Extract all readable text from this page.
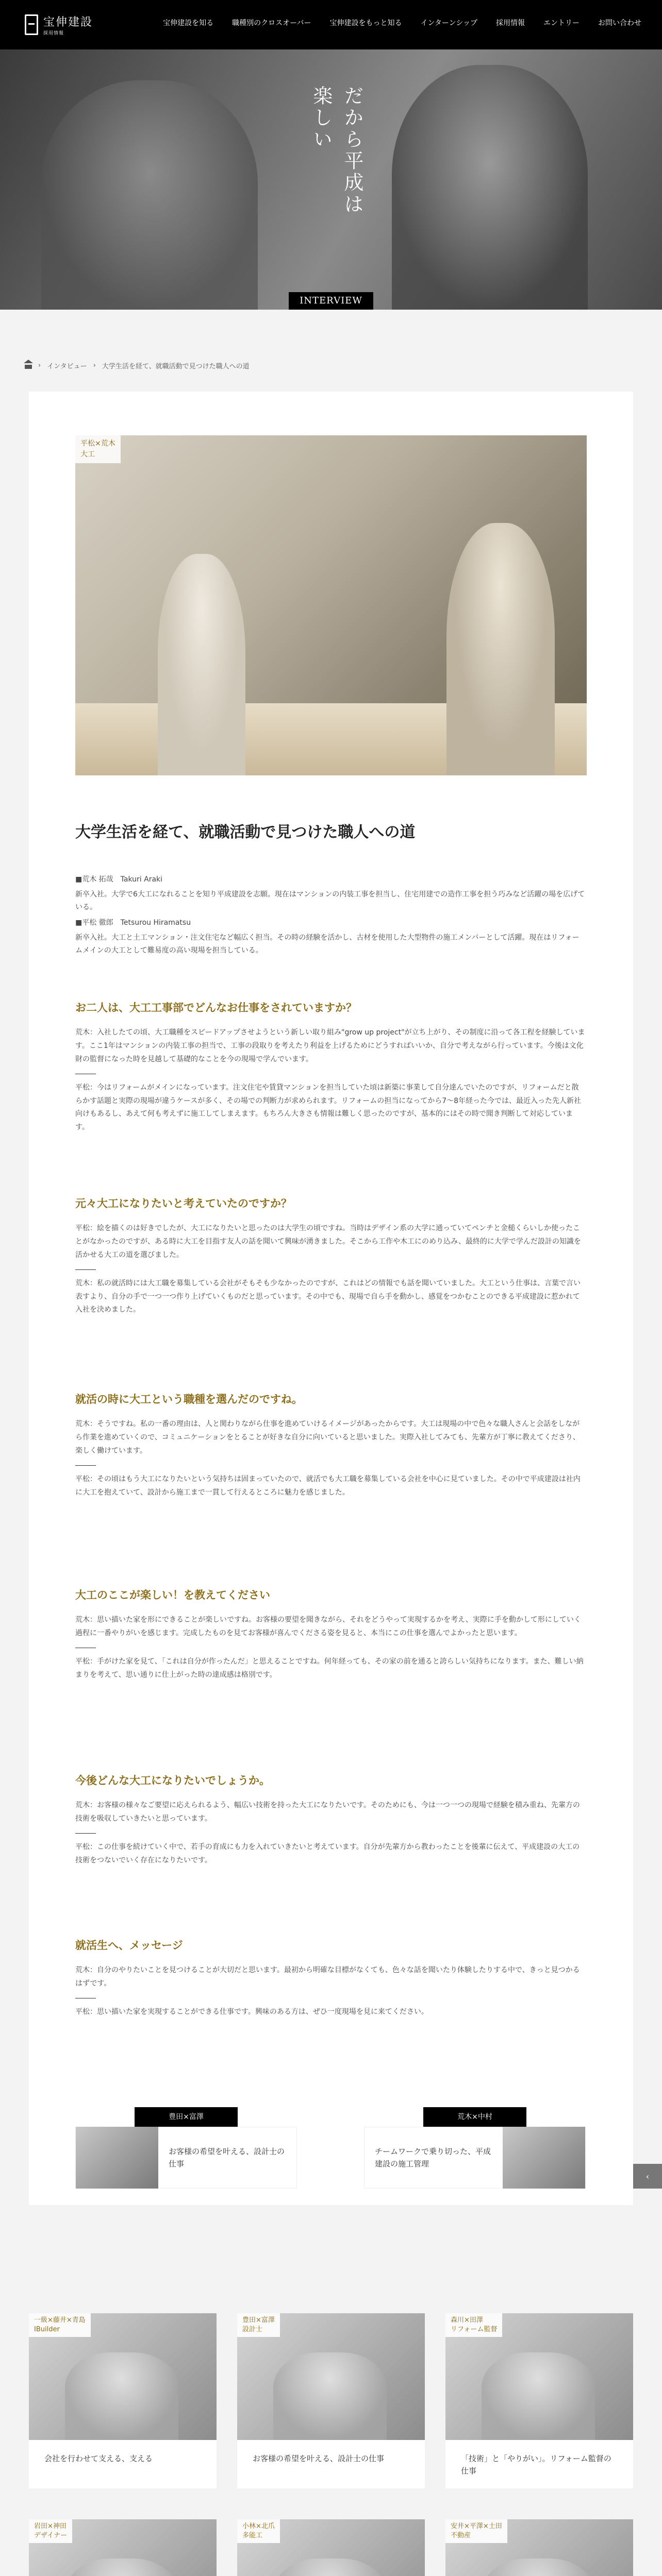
宝伸建設
採用情報
宝伸建設を知る	職種別のクロスオーバー	宝伸建設をもっと知る	インターンシップ	採用情報	エントリー	お問い合わせ
だから平成は
楽しい
INTERVIEW
› インタビュー › 大学生活を経て、就職活動で見つけた職人への道
平松×荒木
大工
大学生活を経て、就職活動で見つけた職人への道

■荒木 拓哉　Takuri Araki

新卒入社。大学で6大工になれることを知り平成建設を志願。現在はマンションの内装工事を担当し、住宅用建での造作工事を担う巧みなど活躍の場を広げている。

■平松 徹郎　Tetsurou Hiramatsu

新卒入社。大工と土工マンション・注文住宅など幅広く担当。その時の経験を活かし、古材を使用した大型物件の施工メンバーとして活躍。現在はリフォームメインの大工として難易度の高い現場を担当している。

お二人は、大工工事部でどんなお仕事をされていますか？

荒木：入社したての頃、大工職種をスピードアップさせようという新しい取り組み"grow up project"が立ち上がり、その制度に沿って各工程を経験しています。ここ1年はマンションの内装工事の担当で、工事の段取りを考えたり利益を上げるためにどうすればいいか、自分で考えながら行っています。今後は文化財の監督になった時を見越して基礎的なことを今の現場で学んでいます。

平松：今はリフォームがメインになっています。注文住宅や賃貸マンションを担当していた頃は新築に事業して自分達んでいたのですが、リフォームだと散らかす話題と実際の現場が違うケースが多く、その場での判断力が求められます。リフォームの担当になってから7〜8年経った今では、最近入った先人新社向けもあるし、あえて何も考えずに施工してしまえます。もちろん大きさも情報は難しく思ったのですが、基本的にはその時で聞き判断して対応しています。

元々大工になりたいと考えていたのですか？

平松：絵を描くのは好きでしたが、大工になりたいと思ったのは大学生の頃ですね。当時はデザイン系の大学に通っていてペンチと金槌くらいしか使ったことがなかったのですが、ある時に大工を目指す友人の話を聞いて興味が湧きました。そこから工作や木工にのめり込み、最終的に大学で学んだ設計の知識を活かせる大工の道を選びました。

荒木：私の就活時には大工職を募集している会社がそもそも少なかったのですが、これはどの情報でも話を聞いていました。大工という仕事は、言葉で言い表すより、自分の手で一つ一つ作り上げていくものだと思っています。その中でも、現場で自ら手を動かし、感覚をつかむことのできる平成建設に惹かれて入社を決めました。

就活の時に大工という職種を選んだのですね。

荒木：そうですね。私の一番の理由は、人と関わりながら仕事を進めていけるイメージがあったからです。大工は現場の中で色々な職人さんと会話をしながら作業を進めていくので、コミュニケーションをとることが好きな自分に向いていると思いました。実際入社してみても、先輩方が丁寧に教えてくださり、楽しく働けています。

平松：その頃はもう大工になりたいという気持ちは固まっていたので、就活でも大工職を募集している会社を中心に見ていました。その中で平成建設は社内に大工を抱えていて、設計から施工まで一貫して行えるところに魅力を感じました。

大工のここが楽しい！を教えてください

荒木：思い描いた家を形にできることが楽しいですね。お客様の要望を聞きながら、それをどうやって実現するかを考え、実際に手を動かして形にしていく過程に一番やりがいを感じます。完成したものを見てお客様が喜んでくださる姿を見ると、本当にこの仕事を選んでよかったと思います。

平松：手がけた家を見て、「これは自分が作ったんだ」と思えることですね。何年経っても、その家の前を通ると誇らしい気持ちになります。また、難しい納まりを考えて、思い通りに仕上がった時の達成感は格別です。

今後どんな大工になりたいでしょうか。

荒木：お客様の様々なご要望に応えられるよう、幅広い技術を持った大工になりたいです。そのためにも、今は一つ一つの現場で経験を積み重ね、先輩方の技術を吸収していきたいと思っています。

平松：この仕事を続けていく中で、若手の育成にも力を入れていきたいと考えています。自分が先輩方から教わったことを後輩に伝えて、平成建設の大工の技術をつないでいく存在になりたいです。

就活生へ、メッセージ

荒木：自分のやりたいことを見つけることが大切だと思います。最初から明確な目標がなくても、色々な話を聞いたり体験したりする中で、きっと見つかるはずです。

平松：思い描いた家を実現することができる仕事です。興味のある方は、ぜひ一度現場を見に来てください。

豊田×富澤
お客様の希望を叶える、設計士の仕事
荒木×中村
チームワークで乗り切った、平成建設の施工管理
‹
一級×藤井×青島
IBuilder
会社を行わせて支える、支える
豊田×富澤
設計士
お客様の希望を叶える、設計士の仕事
森川×田澤
リフォーム監督
「技術」と「やりがい」。リフォーム監督の仕事
岩田×神田
デザイナー
小林×北爪
多能工
安井×平澤×土田
不動産
